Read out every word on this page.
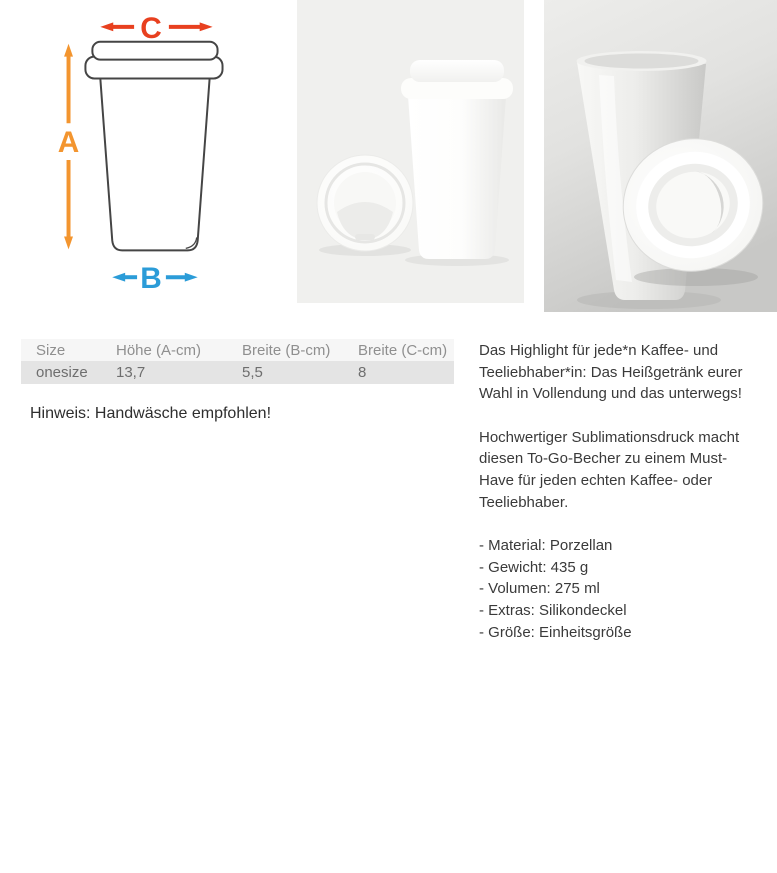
C
A
B
Size	Höhe (A-cm)	Breite (B-cm)	Breite (C-cm)
onesize	13,7	5,5	8

Hinweis: Handwäsche empfohlen!

Das Highlight für jede*n Kaffee- und Teeliebhaber*in: Das Heißgetränk eurer Wahl in Vollendung und das unterwegs!

Hochwertiger Sublimationsdruck macht diesen To-Go-Becher zu einem Must-Have für jeden echten Kaffee- oder Teeliebhaber.

- Material: Porzellan
- Gewicht: 435 g
- Volumen: 275 ml
- Extras: Silikondeckel
- Größe: Einheitsgröße
